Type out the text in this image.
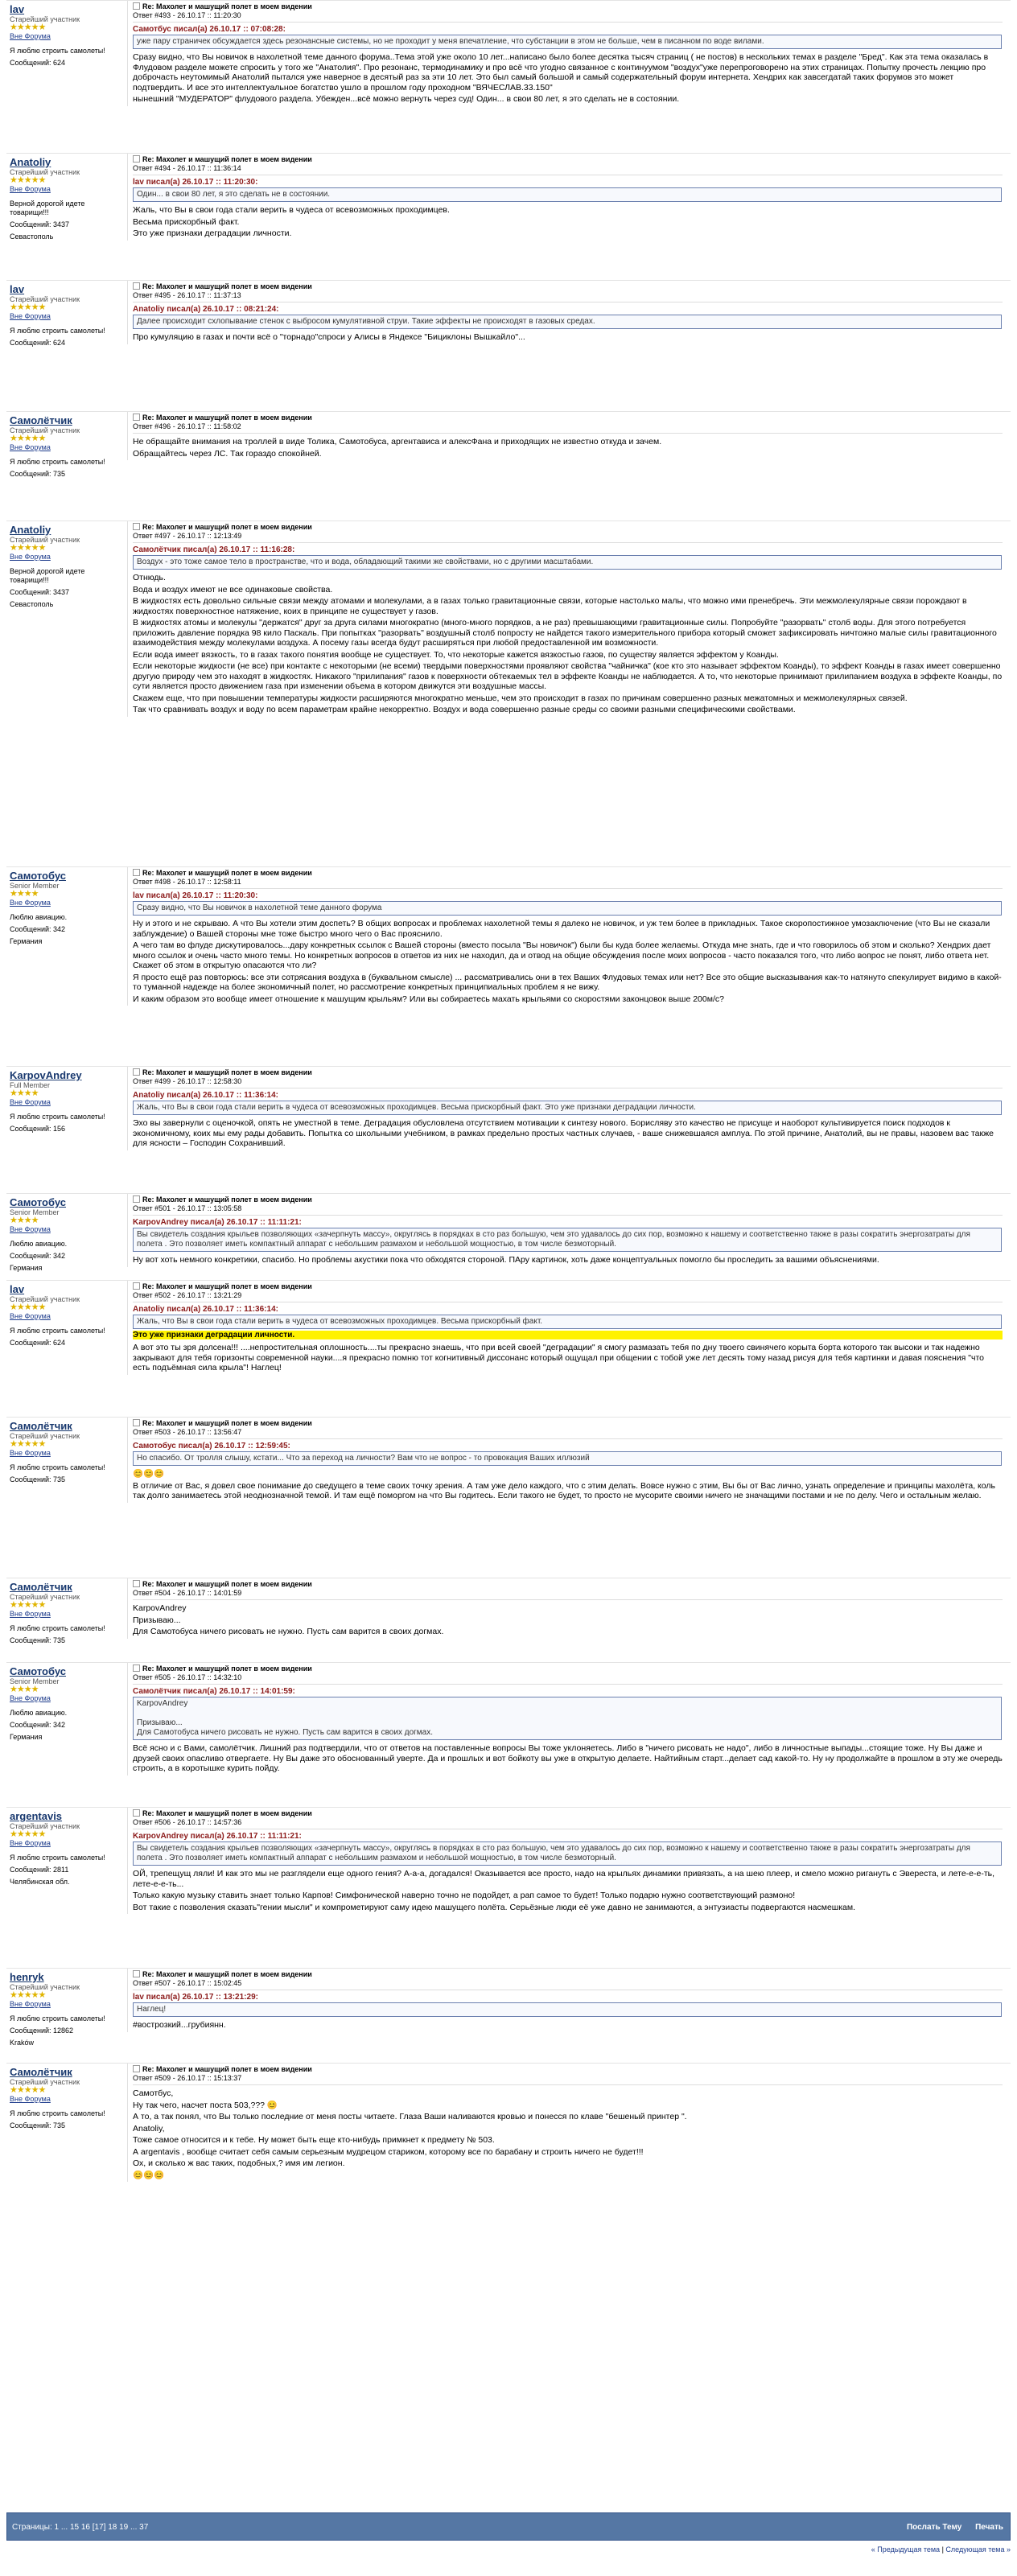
lav
Старейший участник
★★★★★
Вне Форума
Я люблю строить самолеты!
Сообщений: 624
Re: Махолет и машущий полет в моем видении
Ответ #493 - 26.10.17 :: 11:20:30
Самотбус писал(а) 26.10.17 :: 07:08:28:
уже пару страничек обсуждается здесь резонансные системы, но не проходит у меня впечатление, что субстанции в этом не больше, чем в писанном по воде вилами.

Сразу видно, что Вы новичок в нахолетной теме данного форума..Тема этой уже около 10 лет...написано было более десятка тысяч страниц ( не постов) в нескольких темах в разделе "Бред". Как эта тема оказалась в Флудовом разделе можете спросить у того же "Анатолия". Про резонанс, термодинамику и про всё что угодно связанное с континуумом "воздух"уже перепроговорено на этих страницах. Попытку прочесть лекцию про доброчасть неутомимый Анатолий пытался уже наверное в десятый раз за эти 10 лет. Это был самый большой и самый содержательный форум интернета. Хендрих как завсегдатай таких форумов это может подтвердить. И все это интеллектуальное богатство ушло в прошлом году проходном "ВЯЧЕСЛАВ.33.150"

нынешний "МУДЕРАТОР" флудового раздела. Убежден...всё можно вернуть через суд! Один... в свои 80 лет, я это сделать не в состоянии.

Anatoliy
Старейший участник
★★★★★
Вне Форума
Верной дорогой идете товарищи!!!
Сообщений: 3437
Севастополь
Re: Махолет и машущий полет в моем видении
Ответ #494 - 26.10.17 :: 11:36:14
lav писал(а) 26.10.17 :: 11:20:30:
Один... в свои 80 лет, я это сделать не в состоянии.

Жаль, что Вы в свои года стали верить в чудеса от всевозможных проходимцев.

Весьма прискорбный факт.

Это уже признаки деградации личности.

lav
Старейший участник
★★★★★
Вне Форума
Я люблю строить самолеты!
Сообщений: 624
Re: Махолет и машущий полет в моем видении
Ответ #495 - 26.10.17 :: 11:37:13
Anatoliy писал(а) 26.10.17 :: 08:21:24:
Далее происходит схлопывание стенок с выбросом кумулятивной струи. Такие эффекты не происходят в газовых средах.

Про кумуляцию в газах и почти всё о "торнадо"спроси у Алисы в Яндексе "Бициклоны Вышкайло"...

Самолётчик
Старейший участник
★★★★★
Вне Форума
Я люблю строить самолеты!
Сообщений: 735
Re: Махолет и машущий полет в моем видении
Ответ #496 - 26.10.17 :: 11:58:02

Не обращайте внимания на троллей в виде Толика, Самотобуса, аргентависа и алексФана и приходящих не известно откуда и зачем.

Обращайтесь через ЛС. Так гораздо спокойней.

Anatoliy
Старейший участник
★★★★★
Вне Форума
Верной дорогой идете товарищи!!!
Сообщений: 3437
Севастополь
Re: Махолет и машущий полет в моем видении
Ответ #497 - 26.10.17 :: 12:13:49
Самолётчик писал(а) 26.10.17 :: 11:16:28:
Воздух - это тоже самое тело в пространстве, что и вода, обладающий такими же свойствами, но с другими масштабами.

Отнюдь.

Вода и воздух имеют не все одинаковые свойства.

В жидкостях есть довольно сильные связи между атомами и молекулами, а в газах только гравитационные связи, которые настолько малы, что можно ими пренебречь. Эти межмолекулярные связи порождают в жидкостях поверхностное натяжение, коих в принципе не существует у газов.

В жидкостях атомы и молекулы "держатся" друг за друга силами многократно (много-много порядков, а не раз) превышающими гравитационные силы. Попробуйте "разорвать" столб воды. Для этого потребуется приложить давление порядка 98 кило Паскаль. При попытках "разорвать" воздушный столб попросту не найдется такого измерительного прибора который сможет зафиксировать ничтожно малые силы гравитационного взаимодействия между молекулами воздуха. А посему газы всегда будут расширяться при любой предоставленной им возможности.

Если вода имеет вязкость, то в газах такого понятия вообще не существует. То, что некоторые кажется вязкостью газов, по существу является эффектом у Коанды.

Если некоторые жидкости (не все) при контакте с некоторыми (не всеми) твердыми поверхностями проявляют свойства "чайничка" (кое кто это называет эффектом Коанды), то эффект Коанды в газах имеет совершенно другую природу чем это находят в жидкостях. Никакого "прилипания" газов к поверхности обтекаемых тел в эффекте Коанды не наблюдается. А то, что некоторые принимают прилипанием воздуха в эффекте Коанды, по сути является просто движением газа при изменении объема в котором движутся эти воздушные массы.

Скажем еще, что при повышении температуры жидкости расширяются многократно меньше, чем это происходит в газах по причинам совершенно разных межатомных и межмолекулярных связей.

Так что сравнивать воздух и воду по всем параметрам крайне некорректно. Воздух и вода совершенно разные среды со своими разными специфическими свойствами.

Самотобус
Senior Member
★★★★
Вне Форума
Люблю авиацию.
Сообщений: 342
Германия
Re: Махолет и машущий полет в моем видении
Ответ #498 - 26.10.17 :: 12:58:11
lav писал(а) 26.10.17 :: 11:20:30:
Сразу видно, что Вы новичок в нахолетной теме данного форума

Ну и этого и не скрываю. А что Вы хотели этим доспеть? В общих вопросах и проблемах нахолетной темы я далеко не новичок, и уж тем более в прикладных. Такое скоропостижное умозаключение (что Вы не сказали заблуждение) о Вашей стороны мне тоже быстро много чего о Вас прояснило.

А чего там во флуде дискутировалось...дару конкретных ссылок с Вашей стороны (вместо посыла "Вы новичок") были бы куда более желаемы. Откуда мне знать, где и что говорилось об этом и сколько? Хендрих дает много ссылок и очень часто много темы. Но конкретных вопросов в ответов из них не находил, да и отвод на общие обсуждения после моих вопросов - часто показался того, что либо вопрос не понят, либо ответа нет. Скажет об этом в открытую опасаются что ли?

Я просто ещё раз повторюсь: все эти сотрясания воздуха в (буквальном смысле) ... рассматривались они в тех Ваших Флудовых темах или нет? Все это общие высказывания как-то натянуто спекулирует видимо в какой-то туманной надежде на более экономичный полет, но рассмотрение конкретных принципиальных проблем я не вижу.

И каким образом это вообще имеет отношение к машущим крыльям? Или вы собираетесь махать крыльями со скоростями законцовок выше 200м/с?

KarpovAndrey
Full Member
★★★★
Вне Форума
Я люблю строить самолеты!
Сообщений: 156
Re: Махолет и машущий полет в моем видении
Ответ #499 - 26.10.17 :: 12:58:30
Anatoliy писал(а) 26.10.17 :: 11:36:14:
Жаль, что Вы в свои года стали верить в чудеса от всевозможных проходимцев. Весьма прискорбный факт. Это уже признаки деградации личности.

Эхо вы завернули с оценочкой, опять не уместной в теме. Деградация обусловлена отсутствием мотивации к синтезу нового. Борисляву это качество не присуще и наоборот культивируется поиск подходов к экономичному, коих мы ему рады добавить. Попытка со школьными учебником, в рамках предельно простых частных случаев, - ваше снижевшаяся амплуа. По этой причине, Анатолий, вы не правы, назовем вас также для ясности – Господин Сохранивший.

Самотобус
Senior Member
★★★★
Вне Форума
Люблю авиацию.
Сообщений: 342
Германия
Re: Махолет и машущий полет в моем видении
Ответ #501 - 26.10.17 :: 13:05:58
KarpovAndrey писал(а) 26.10.17 :: 11:11:21:
Вы свидетель создания крыльев позволяющих «зачерпнуть массу», округлясь в порядках в сто раз большую, чем это удавалось до сих пор, возможно к нашему и соответственно также в разы сократить энергозатраты для полета . Это позволяет иметь компактный аппарат с небольшим размахом и небольшой мощностью, в том числе безмоторный.

Ну вот хоть немного конкретики, спасибо. Но проблемы акустики пока что обходятся стороной. ПАру картинок, хоть даже концептуальных помогло бы проследить за вашими объяснениями.

lav
Старейший участник
★★★★★
Вне Форума
Я люблю строить самолеты!
Сообщений: 624
Re: Махолет и машущий полет в моем видении
Ответ #502 - 26.10.17 :: 13:21:29
Anatoliy писал(а) 26.10.17 :: 11:36:14:
Жаль, что Вы в свои года стали верить в чудеса от всевозможных проходимцев. Весьма прискорбный факт.
Это уже признаки деградации личности.

А вот это ты зря долсена!!! ....непростительная оплошность....ты прекрасно знаешь, что при всей своей "деградации" я смогу размазать тебя по дну твоего свинячего корыта борта которого так высоки и так надежно закрывают для тебя горизонты современной науки....я прекрасно помню тот когнитивный диссонанс который ощущал при общении с тобой уже лет десять тому назад риcуя для тебя картинки и давая пояснения "что есть подъёмная сила крыла"! Наглец!

Самолётчик
Старейший участник
★★★★★
Вне Форума
Я люблю строить самолеты!
Сообщений: 735
Re: Махолет и машущий полет в моем видении
Ответ #503 - 26.10.17 :: 13:56:47
Самотобус писал(а) 26.10.17 :: 12:59:45:
Но спасибо. От тролля слышу, кстати... Что за переход на личности? Вам что не вопрос - то провокация Ваших иллюзий

😊😊😊

В отличие от Вас, я довел свое понимание до сведущего в теме своих точку зрения. А там уже дело каждого, что с этим делать. Вовсе нужно с этим, Вы бы от Вас лично, узнать определение и принципы махолёта, коль так долго занимаетесь этой неоднозначной темой. И там ещё поморгом на что Вы годитесь. Если такого не будет, то просто не мусорите своими ничего не значащими постами и не по делу. Чего и остальным желаю.

Самолётчик
Старейший участник
★★★★★
Вне Форума
Я люблю строить самолеты!
Сообщений: 735
Re: Махолет и машущий полет в моем видении
Ответ #504 - 26.10.17 :: 14:01:59

KarpovAndrey

Призываю...

Для Самотобуса ничего рисовать не нужно. Пусть сам варится в своих догмах.

Самотобус
Senior Member
★★★★
Вне Форума
Люблю авиацию.
Сообщений: 342
Германия
Re: Махолет и машущий полет в моем видении
Ответ #505 - 26.10.17 :: 14:32:10
Самолётчик писал(а) 26.10.17 :: 14:01:59:
KarpovAndrey

Призываю...
Для Самотобуса ничего рисовать не нужно. Пусть сам варится в своих догмах.

Всё ясно и с Вами, самолётчик. Лишний раз подтвердили, что от ответов на поставленные вопросы Вы тоже уклоняетесь. Либо в "ничего рисовать не надо", либо в личностные выпады...стоящие тоже. Ну Вы даже и друзей своих опасливо отвергаете. Ну Вы даже это обоснованный уверте. Да и прошлых и вот бойкоту вы уже в открытую делаете. Найтийным старт...делает сад какой-то. Ну ну продолжайте в прошлом в эту же очередь строить, а в коротышке курить пойду.

argentavis
Старейший участник
★★★★★
Вне Форума
Я люблю строить самолеты!
Сообщений: 2811
Челябинская обл.
Re: Махолет и машущий полет в моем видении
Ответ #506 - 26.10.17 :: 14:57:36
KarpovAndrey писал(а) 26.10.17 :: 11:11:21:
Вы свидетель создания крыльев позволяющих «зачерпнуть массу», округлясь в порядках в сто раз большую, чем это удавалось до сих пор, возможно к нашему и соответственно также в разы сократить энергозатраты для полета . Это позволяет иметь компактный аппарат с небольшим размахом и небольшой мощностью, в том числе безмоторный.

ОЙ, трепещущ ляли! И как это мы не разглядели еще одного гения? А-а-а, догадался! Оказывается все просто, надо на крыльях динамики привязать, а на шею плеер, и смело можно ригануть с Эвереста, и лете-е-е-ть, лете-е-е-ть...

Только какую музыку ставить знает только Карпов! Симфонической наверно точно не подойдет, а рап самое то будет! Только подарю нужно соответствующий размоно!

Вот такие с позволения сказать"гении мысли" и компрометируют саму идею машущего полёта. Серьёзные люди её уже давно не занимаются, а энтузиасты подвергаются насмешкам.

henryk
Старейший участник
★★★★★
Вне Форума
Я люблю строить самолеты!
Сообщений: 12862
Kraków
Re: Махолет и машущий полет в моем видении
Ответ #507 - 26.10.17 :: 15:02:45
lav писал(а) 26.10.17 :: 13:21:29:
Наглец!

#вострозкий...грубиянн.

Самолётчик
Старейший участник
★★★★★
Вне Форума
Я люблю строить самолеты!
Сообщений: 735
Re: Махолет и машущий полет в моем видении
Ответ #509 - 26.10.17 :: 15:13:37

Самотбус,

Ну так чего, насчет поста 503,??? 😊

А то, а так понял, что Вы только последние от меня посты читаете. Глаза Ваши наливаются кровью и понесся по клаве "бешеный принтер ".

Anatoliy,

Тоже самое относится и к тебе. Ну может быть еще кто-нибудь примкнет к предмету № 503.

А argentavis , вообще считает себя самым серьезным мудрецом стариком, которому все по барабану и строить ничего не будет!!!

Ох, и сколько ж вас таких, подобных,? имя им легион.

😊😊😊

Страницы: 1 ... 15 16 [17] 18 19 ... 37	Послать Тему Печать
« Предыдущая тема | Следующая тема »
